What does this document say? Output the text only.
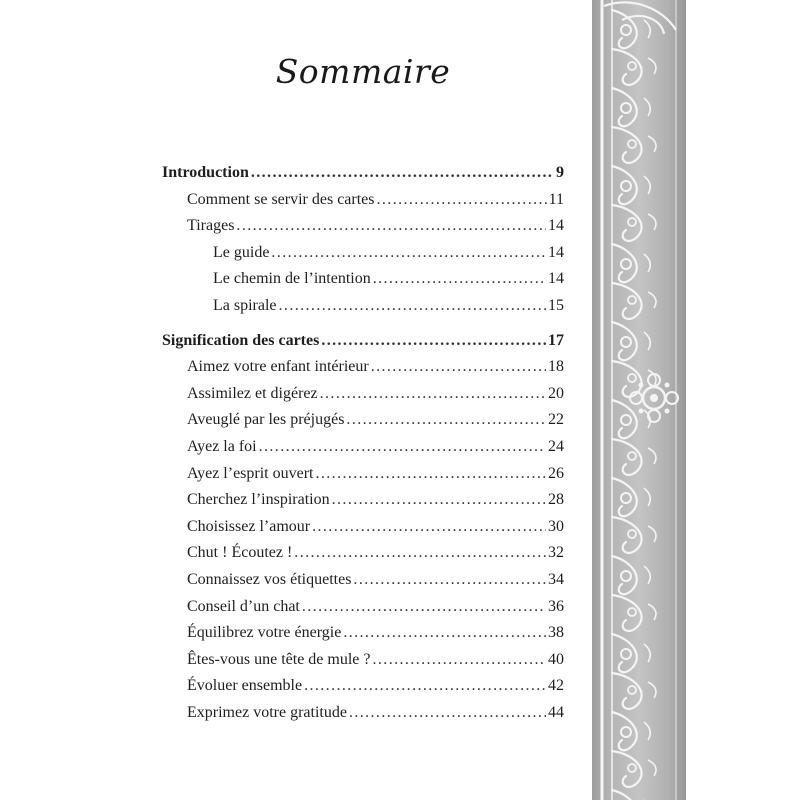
Sommaire
Introduction .....	9
Comment se servir des cartes .....	11
Tirages .....	14
Le guide .....	14
Le chemin de l’intention .....	14
La spirale .....	15
Signification des cartes .....	17
Aimez votre enfant intérieur .....	18
Assimilez et digérez .....	20
Aveuglé par les préjugés .....	22
Ayez la foi .....	24
Ayez l’esprit ouvert .....	26
Cherchez l’inspiration .....	28
Choisissez l’amour .....	30
Chut ! Écoutez ! .....	32
Connaissez vos étiquettes .....	34
Conseil d’un chat .....	36
Équilibrez votre énergie .....	38
Êtes-vous une tête de mule ? .....	40
Évoluer ensemble .....	42
Exprimez votre gratitude .....	44
